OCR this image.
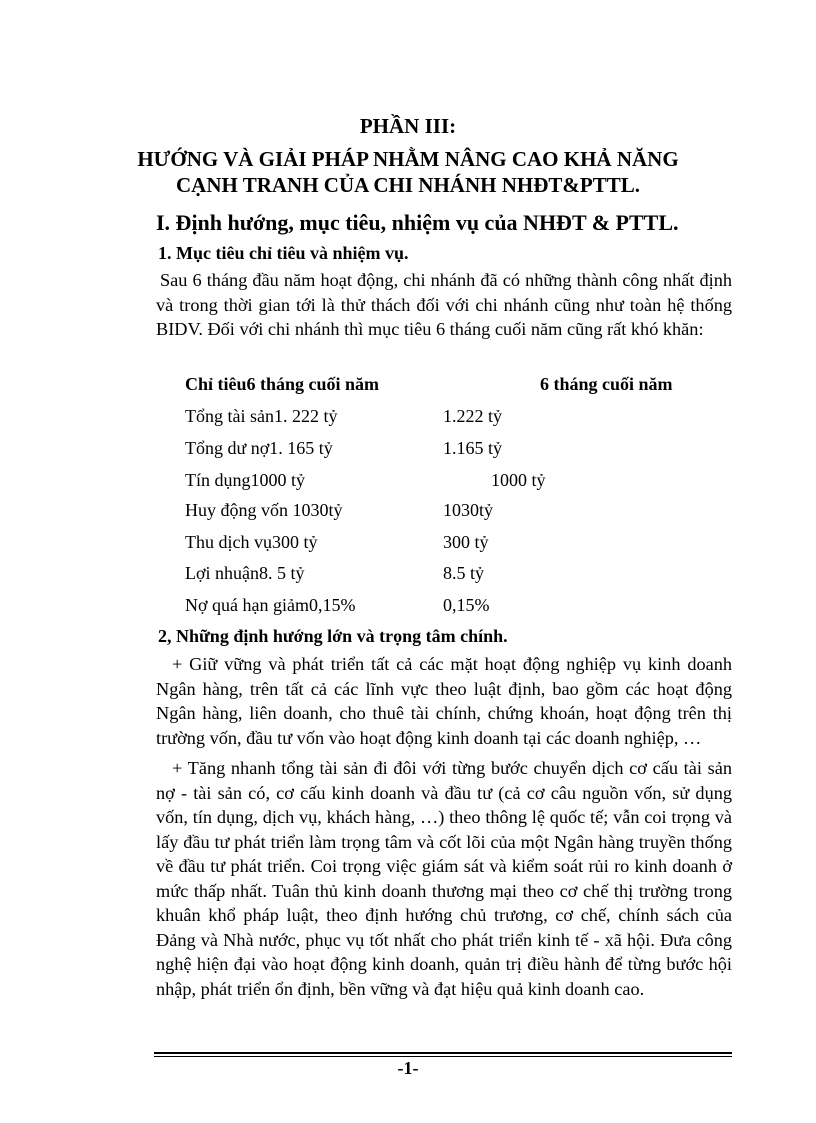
PHẦN III:
HƯỚNG VÀ GIẢI PHÁP NHẰM NÂNG CAO KHẢ NĂNG
CẠNH TRANH CỦA CHI NHÁNH NHĐT&PTTL.
I. Định hướng, mục tiêu, nhiệm vụ của NHĐT & PTTL.
1. Mục tiêu chỉ tiêu và nhiệm vụ.
Sau 6 tháng đầu năm hoạt động, chi nhánh đã có những thành công nhất định và trong thời gian tới là thử thách đối với chi nhánh cũng như toàn hệ thống BIDV. Đối với chi nhánh thì mục tiêu 6 tháng cuối năm cũng rất khó khăn:
Chỉ tiêu6 tháng cuối năm	6 tháng cuối năm
Tổng tài sản1. 222 tỷ	1.222 tỷ
Tổng dư nợ1. 165 tỷ	1.165 tỷ
Tín dụng1000 tỷ	1000 tỷ
Huy động vốn 1030tỷ	1030tỷ
Thu dịch vụ300 tỷ	300 tỷ
Lợi nhuận8. 5 tỷ	8.5 tỷ
Nợ quá hạn giảm0,15%	0,15%
2, Những định hướng lớn và trọng tâm chính.
+ Giữ vững và phát triển tất cả các mặt hoạt động nghiệp vụ kinh doanh Ngân hàng, trên tất cả các lĩnh vực theo luật định, bao gồm các hoạt động Ngân hàng, liên doanh, cho thuê tài chính, chứng khoán, hoạt động trên thị trường vốn, đầu tư vốn vào hoạt động kinh doanh tại các doanh nghiệp, …
+ Tăng nhanh tổng tài sản đi đôi với từng bước chuyển dịch cơ cấu tài sản nợ - tài sản có, cơ cấu kinh doanh và đầu tư (cả cơ câu nguồn vốn, sử dụng vốn, tín dụng, dịch vụ, khách hàng, …) theo thông lệ quốc tế; vẫn coi trọng và lấy đầu tư phát triển làm trọng tâm và cốt lõi của một Ngân hàng truyền thống về đầu tư phát triển. Coi trọng việc giám sát và kiểm soát rủi ro kinh doanh ở mức thấp nhất. Tuân thủ kinh doanh thương mại theo cơ chế thị trường trong khuân khổ pháp luật, theo định hướng chủ trương, cơ chế, chính sách của Đảng và Nhà nước, phục vụ tốt nhất cho phát triển kinh tế - xã hội. Đưa công nghệ hiện đại vào hoạt động kinh doanh, quản trị điều hành để từng bước hội nhập, phát triển ổn định, bền vững và đạt hiệu quả kinh doanh cao.
-1-
